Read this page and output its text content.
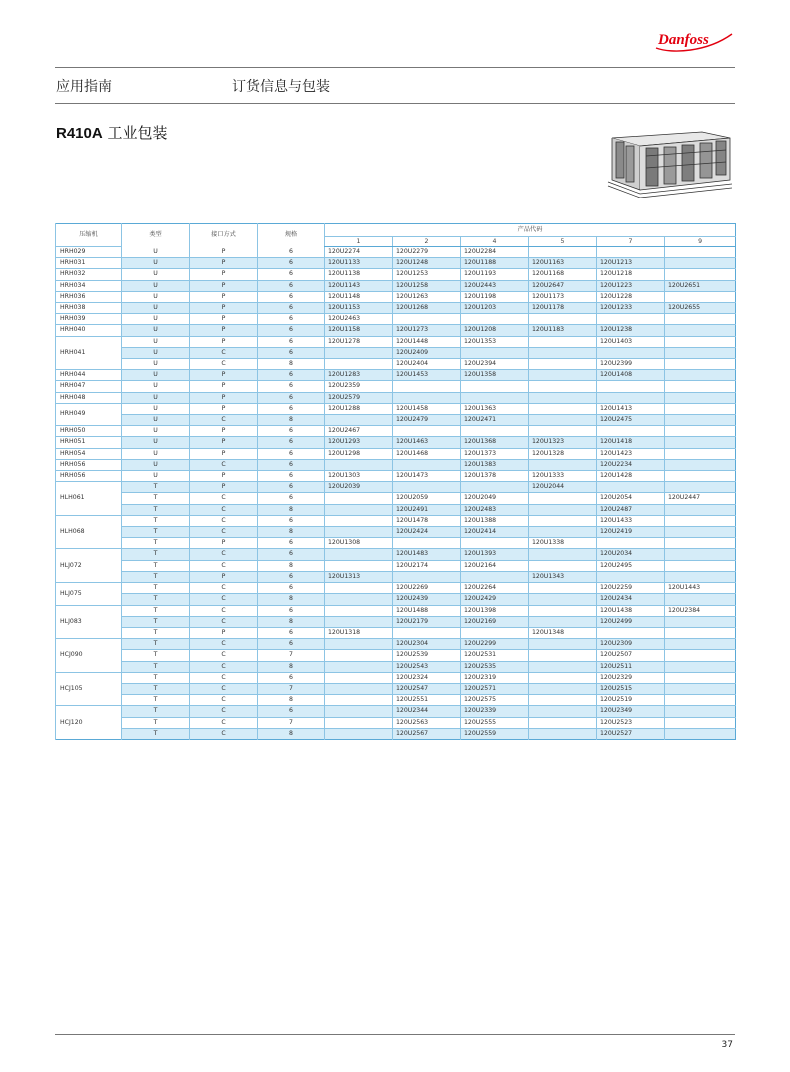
Danfoss
应用指南	订货信息与包装
R410A 工业包装
压缩机	类型	接口方式	规格	产品代码					
				1	2	4	5	7	9
HRH029	U	P	6	120U2274	120U2279	120U2284			
HRH031	U	P	6	120U1133	120U1248	120U1188	120U1163	120U1213	
HRH032	U	P	6	120U1138	120U1253	120U1193	120U1168	120U1218	
HRH034	U	P	6	120U1143	120U1258	120U2443	120U2647	120U1223	120U2651
HRH036	U	P	6	120U1148	120U1263	120U1198	120U1173	120U1228	
HRH038	U	P	6	120U1153	120U1268	120U1203	120U1178	120U1233	120U2655
HRH039	U	P	6	120U2463					
HRH040	U	P	6	120U1158	120U1273	120U1208	120U1183	120U1238	
HRH041	U	P	6	120U1278	120U1448	120U1353		120U1403	
	U	C	6		120U2409				
	U	C	8		120U2404	120U2394		120U2399	
HRH044	U	P	6	120U1283	120U1453	120U1358		120U1408	
HRH047	U	P	6	120U2359					
HRH048	U	P	6	120U2579					
HRH049	U	P	6	120U1288	120U1458	120U1363		120U1413	
	U	C	8		120U2479	120U2471		120U2475	
HRH050	U	P	6	120U2467					
HRH051	U	P	6	120U1293	120U1463	120U1368	120U1323	120U1418	
HRH054	U	P	6	120U1298	120U1468	120U1373	120U1328	120U1423	
HRH056	U	C	6			120U1383		120U2234	
HRH056	U	P	6	120U1303	120U1473	120U1378	120U1333	120U1428	
HLH061	T	P	6	120U2039			120U2044		
	T	C	6		120U2059	120U2049		120U2054	120U2447
	T	C	8		120U2491	120U2483		120U2487	
HLH068	T	C	6		120U1478	120U1388		120U1433	
	T	C	8		120U2424	120U2414		120U2419	
	T	P	6	120U1308			120U1338		
HLJ072	T	C	6		120U1483	120U1393		120U2034	
	T	C	8		120U2174	120U2164		120U2495	
	T	P	6	120U1313			120U1343		
HLJ075	T	C	6		120U2269	120U2264		120U2259	120U1443
	T	C	8		120U2439	120U2429		120U2434	
HLJ083	T	C	6		120U1488	120U1398		120U1438	120U2384
	T	C	8		120U2179	120U2169		120U2499	
	T	P	6	120U1318			120U1348		
HCJ090	T	C	6		120U2304	120U2299		120U2309	
	T	C	7		120U2539	120U2531		120U2507	
	T	C	8		120U2543	120U2535		120U2511	
HCJ105	T	C	6		120U2324	120U2319		120U2329	
	T	C	7		120U2547	120U2571		120U2515	
	T	C	8		120U2551	120U2575		120U2519	
HCJ120	T	C	6		120U2344	120U2339		120U2349	
	T	C	7		120U2563	120U2555		120U2523	
	T	C	8		120U2567	120U2559		120U2527	
37
